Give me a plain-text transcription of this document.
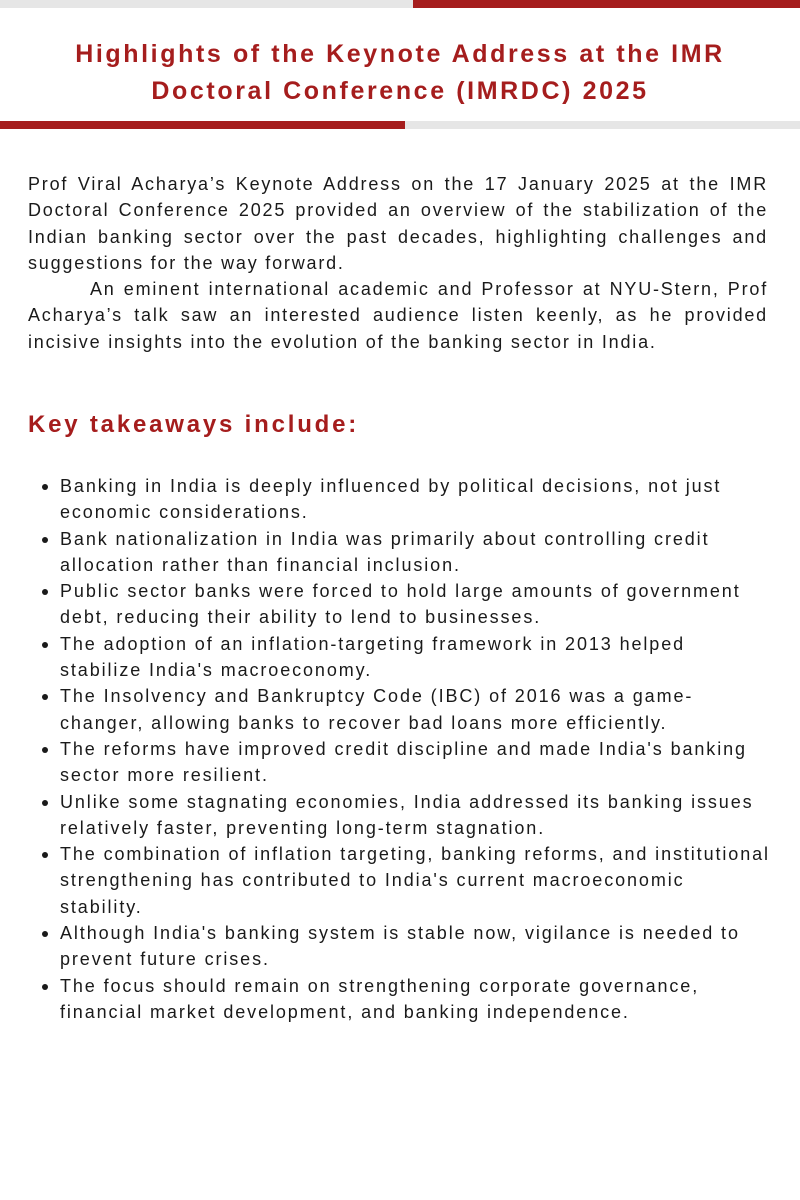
Highlights of the Keynote Address at the IMR
Doctoral Conference (IMRDC) 2025

Prof Viral Acharya’s Keynote Address on the 17 January 2025 at the IMR Doctoral Conference 2025 provided an overview of the stabilization of the Indian banking sector over the past decades, highlighting challenges and suggestions for the way forward.

An eminent international academic and Professor at NYU-Stern, Prof Acharya’s talk saw an interested audience listen keenly, as he provided incisive insights into the evolution of the banking sector in India.

Key takeaways include:
Banking in India is deeply influenced by political decisions, not just economic considerations.
Bank nationalization in India was primarily about controlling credit allocation rather than financial inclusion.
Public sector banks were forced to hold large amounts of government debt, reducing their ability to lend to businesses.
The adoption of an inflation-targeting framework in 2013 helped stabilize India's macroeconomy.
The Insolvency and Bankruptcy Code (IBC) of 2016 was a game-changer, allowing banks to recover bad loans more efficiently.
The reforms have improved credit discipline and made India's banking sector more resilient.
Unlike some stagnating economies, India addressed its banking issues relatively faster, preventing long-term stagnation.
The combination of inflation targeting, banking reforms, and institutional strengthening has contributed to India's current macroeconomic stability.
Although India's banking system is stable now, vigilance is needed to prevent future crises.
The focus should remain on strengthening corporate governance, financial market development, and banking independence.
